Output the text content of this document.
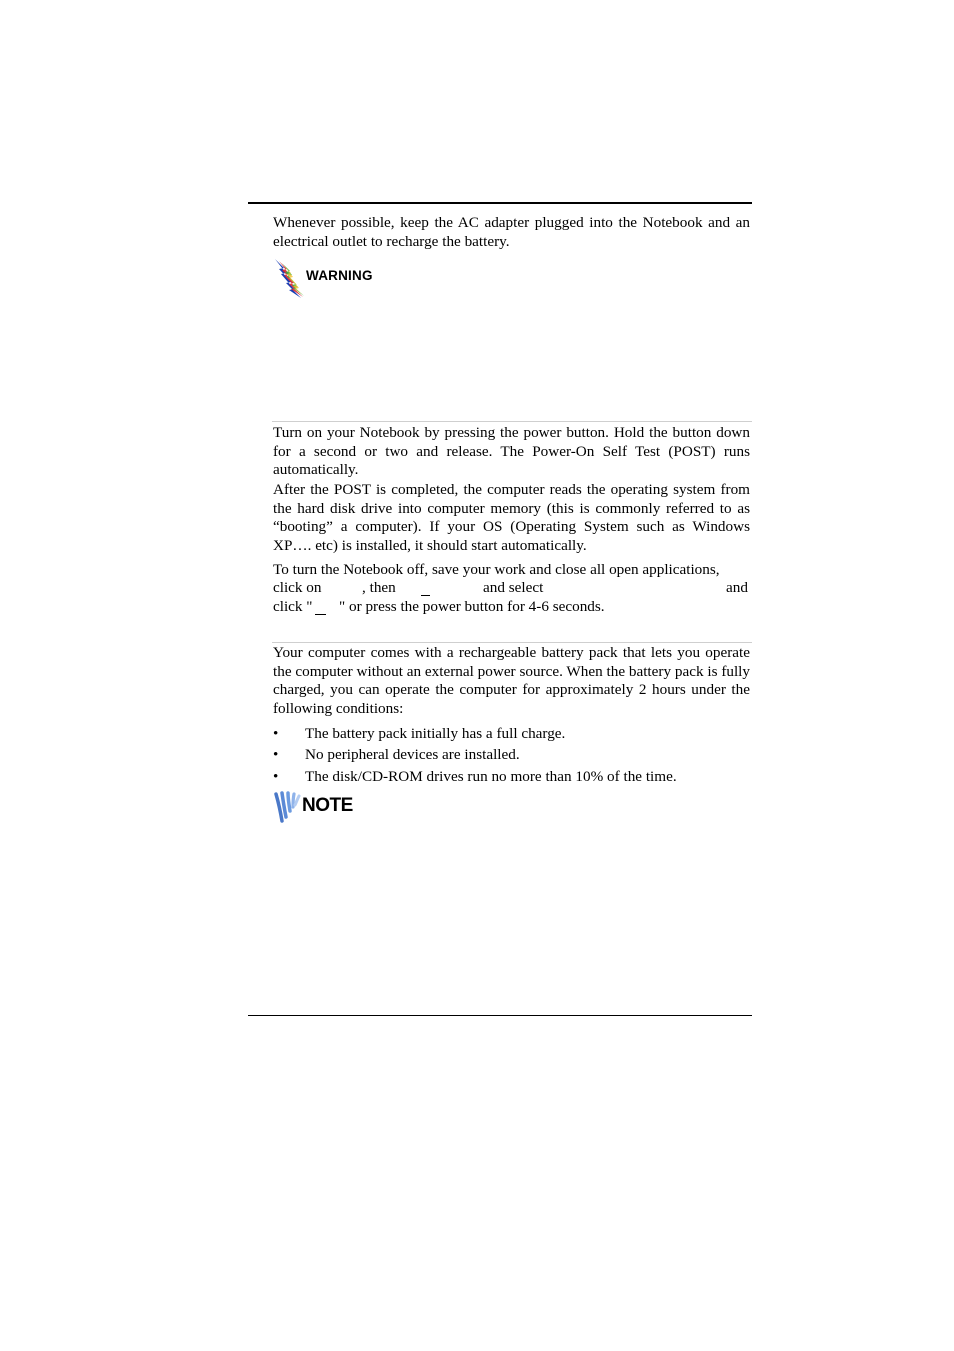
Whenever possible, keep the AC adapter plugged into the Notebook and an electrical outlet to recharge the battery.

WARNING

Turn on your Notebook by pressing the power button. Hold the button down for a second or two and release. The Power-On Self Test (POST) runs automatically.

After the POST is completed, the computer reads the operating system from the hard disk drive into computer memory (this is commonly referred to as “booting” a computer). If your OS (Operating System such as Windows XP…. etc) is installed, it should start automatically.

To turn the Notebook off, save your work and close all open applications,
click on	, then	and select	and
click " " or press the power button for 4-6 seconds.

Your computer comes with a rechargeable battery pack that lets you operate the computer without an external power source. When the battery pack is fully charged, you can operate the computer for approximately 2 hours under the following conditions:

•	The battery pack initially has a full charge.
•	No peripheral devices are installed.
•	The disk/CD-ROM drives run no more than 10% of the time.
NOTE
